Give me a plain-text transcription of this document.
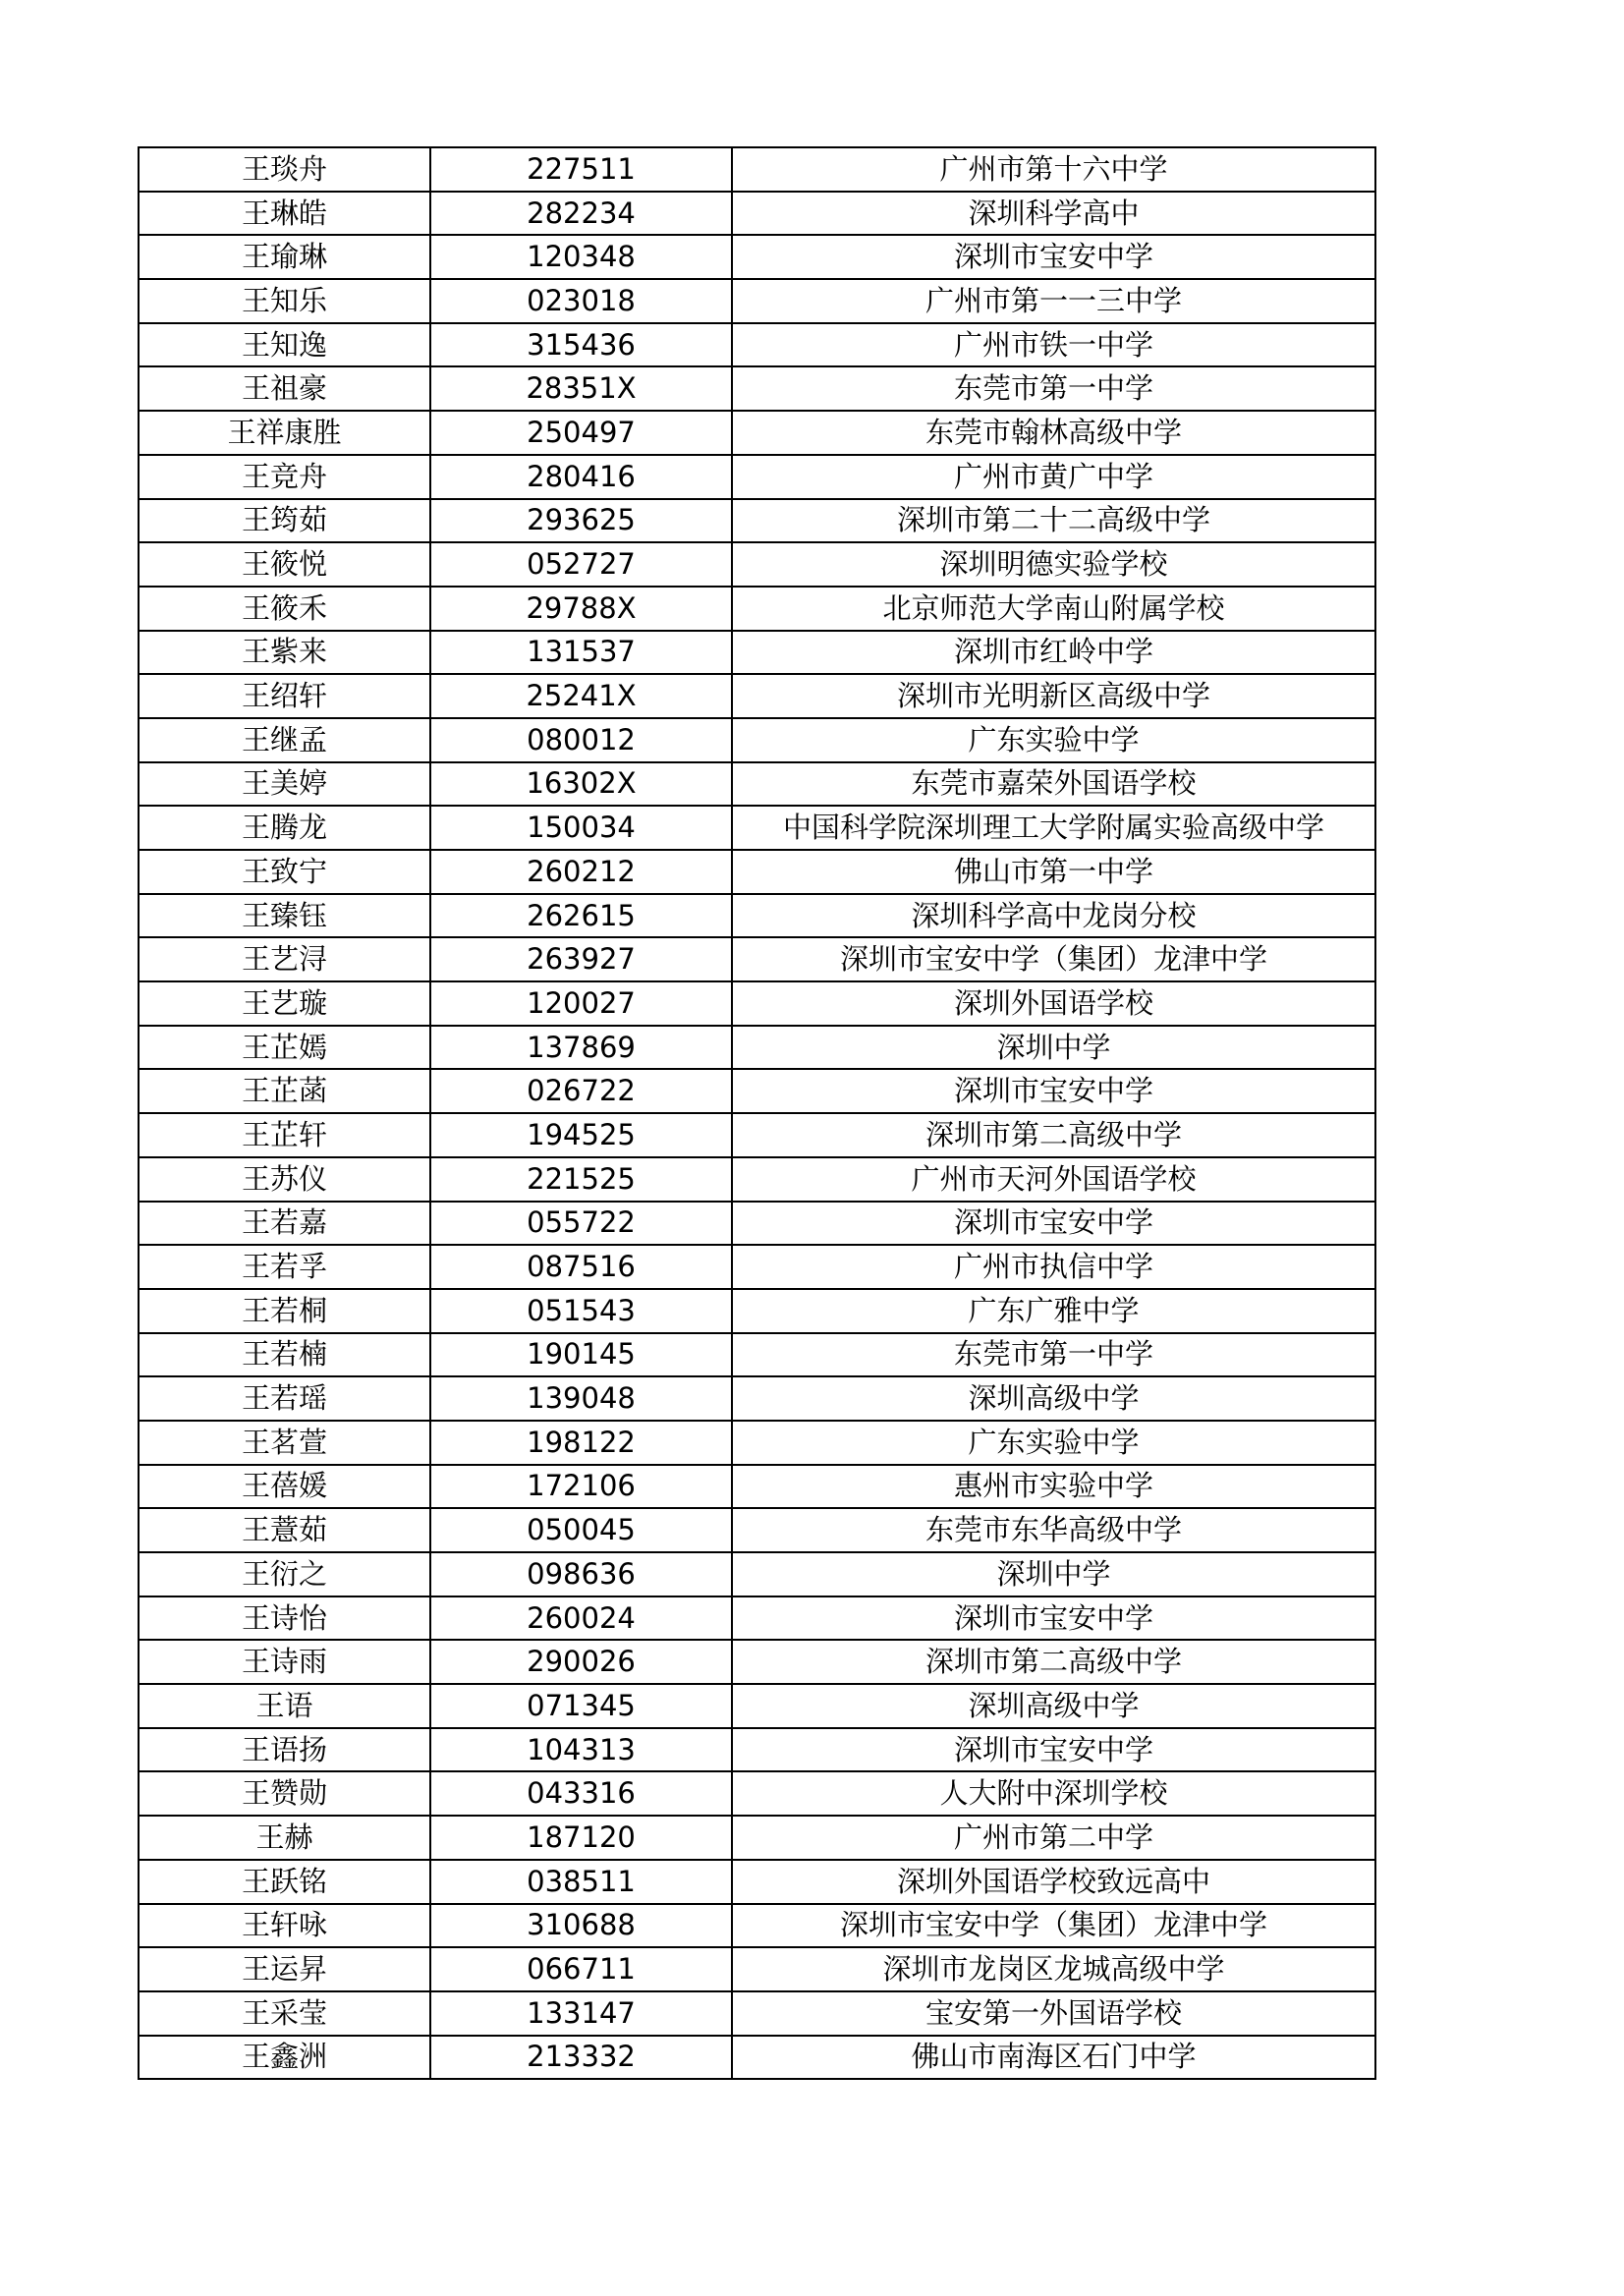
王琰舟	227511	广州市第十六中学
王琳皓	282234	深圳科学高中
王瑜琳	120348	深圳市宝安中学
王知乐	023018	广州市第一一三中学
王知逸	315436	广州市铁一中学
王祖豪	28351X	东莞市第一中学
王祥康胜	250497	东莞市翰林高级中学
王竞舟	280416	广州市黄广中学
王筠茹	293625	深圳市第二十二高级中学
王筱悦	052727	深圳明德实验学校
王筱禾	29788X	北京师范大学南山附属学校
王紫来	131537	深圳市红岭中学
王绍轩	25241X	深圳市光明新区高级中学
王继孟	080012	广东实验中学
王美婷	16302X	东莞市嘉荣外国语学校
王腾龙	150034	中国科学院深圳理工大学附属实验高级中学
王致宁	260212	佛山市第一中学
王臻钰	262615	深圳科学高中龙岗分校
王艺浔	263927	深圳市宝安中学（集团）龙津中学
王艺璇	120027	深圳外国语学校
王芷嫣	137869	深圳中学
王芷菡	026722	深圳市宝安中学
王芷轩	194525	深圳市第二高级中学
王苏仪	221525	广州市天河外国语学校
王若嘉	055722	深圳市宝安中学
王若孚	087516	广州市执信中学
王若桐	051543	广东广雅中学
王若楠	190145	东莞市第一中学
王若瑶	139048	深圳高级中学
王茗萱	198122	广东实验中学
王蓓媛	172106	惠州市实验中学
王薏茹	050045	东莞市东华高级中学
王衍之	098636	深圳中学
王诗怡	260024	深圳市宝安中学
王诗雨	290026	深圳市第二高级中学
王语	071345	深圳高级中学
王语扬	104313	深圳市宝安中学
王赞勋	043316	人大附中深圳学校
王赫	187120	广州市第二中学
王跃铭	038511	深圳外国语学校致远高中
王轩咏	310688	深圳市宝安中学（集团）龙津中学
王运昇	066711	深圳市龙岗区龙城高级中学
王采莹	133147	宝安第一外国语学校
王鑫洲	213332	佛山市南海区石门中学
